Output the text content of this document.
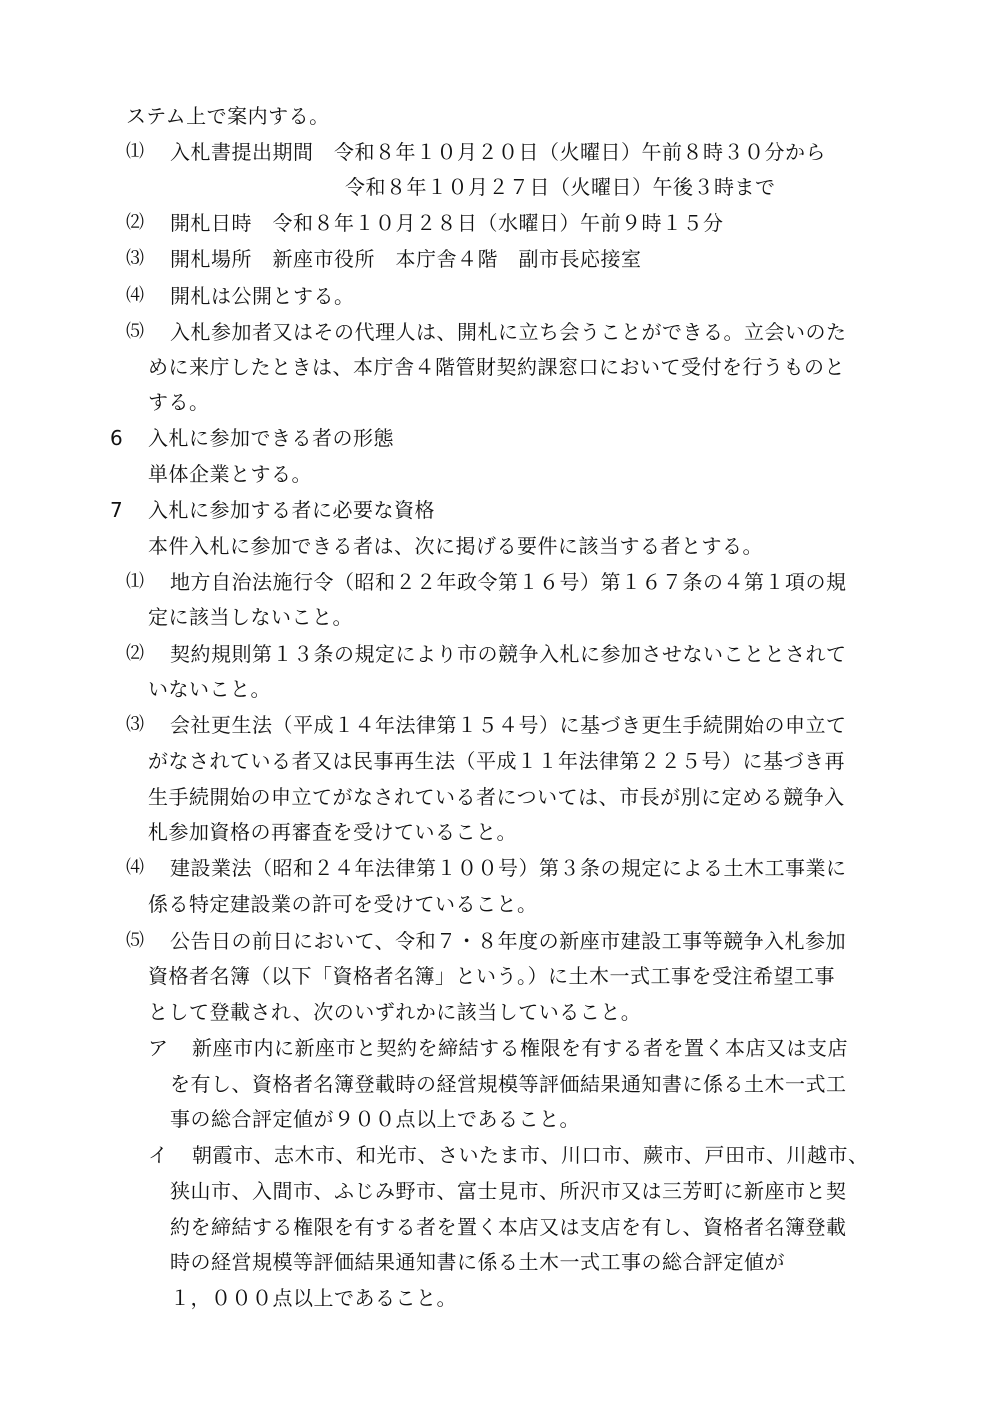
ステム上で案内する。
⑴ 入札書提出期間　令和８年１０月２０日（火曜日）午前８時３０分から
令和８年１０月２７日（火曜日）午後３時まで
⑵ 開札日時　令和８年１０月２８日（水曜日）午前９時１５分
⑶ 開札場所　新座市役所　本庁舎４階　副市長応接室
⑷ 開札は公開とする。
⑸ 入札参加者又はその代理人は、開札に立ち会うことができる。立会いのた
めに来庁したときは、本庁舎４階管財契約課窓口において受付を行うものと
する。
6 入札に参加できる者の形態
単体企業とする。
7 入札に参加する者に必要な資格
本件入札に参加できる者は、次に掲げる要件に該当する者とする。
⑴ 地方自治法施行令（昭和２２年政令第１６号）第１６７条の４第１項の規
定に該当しないこと。
⑵ 契約規則第１３条の規定により市の競争入札に参加させないこととされて
いないこと。
⑶ 会社更生法（平成１４年法律第１５４号）に基づき更生手続開始の申立て
がなされている者又は民事再生法（平成１１年法律第２２５号）に基づき再
生手続開始の申立てがなされている者については、市長が別に定める競争入
札参加資格の再審査を受けていること。
⑷ 建設業法（昭和２４年法律第１００号）第３条の規定による土木工事業に
係る特定建設業の許可を受けていること。
⑸ 公告日の前日において、令和７・８年度の新座市建設工事等競争入札参加
資格者名簿（以下「資格者名簿」という。）に土木一式工事を受注希望工事
として登載され、次のいずれかに該当していること。
ア 新座市内に新座市と契約を締結する権限を有する者を置く本店又は支店
を有し、資格者名簿登載時の経営規模等評価結果通知書に係る土木一式工
事の総合評定値が９００点以上であること。
イ 朝霞市、志木市、和光市、さいたま市、川口市、蕨市、戸田市、川越市、
狭山市、入間市、ふじみ野市、富士見市、所沢市又は三芳町に新座市と契
約を締結する権限を有する者を置く本店又は支店を有し、資格者名簿登載
時の経営規模等評価結果通知書に係る土木一式工事の総合評定値が
１，０００点以上であること。
